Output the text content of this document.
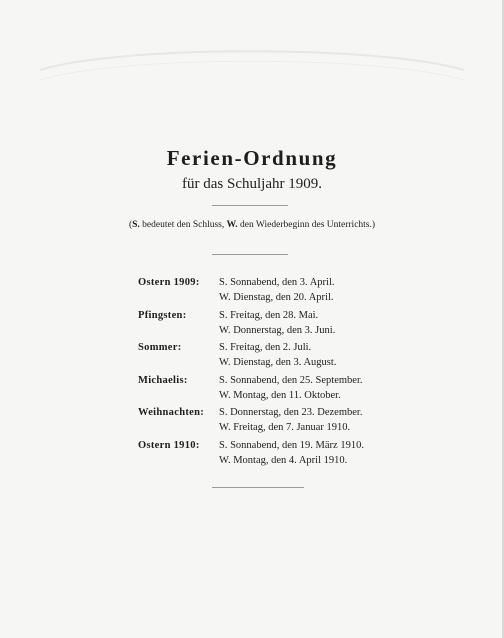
Ferien-Ordnung
für das Schuljahr 1909.
(S. bedeutet den Schluss, W. den Wiederbeginn des Unterrichts.)
Ostern 1909:	S. Sonnabend, den 3. April.
W. Dienstag, den 20. April.
Pfingsten:	S. Freitag, den 28. Mai.
W. Donnerstag, den 3. Juni.
Sommer:	S. Freitag, den 2. Juli.
W. Dienstag, den 3. August.
Michaelis:	S. Sonnabend, den 25. September.
W. Montag, den 11. Oktober.
Weihnachten:	S. Donnerstag, den 23. Dezember.
W. Freitag, den 7. Januar 1910.
Ostern 1910:	S. Sonnabend, den 19. März 1910.
W. Montag, den 4. April 1910.
